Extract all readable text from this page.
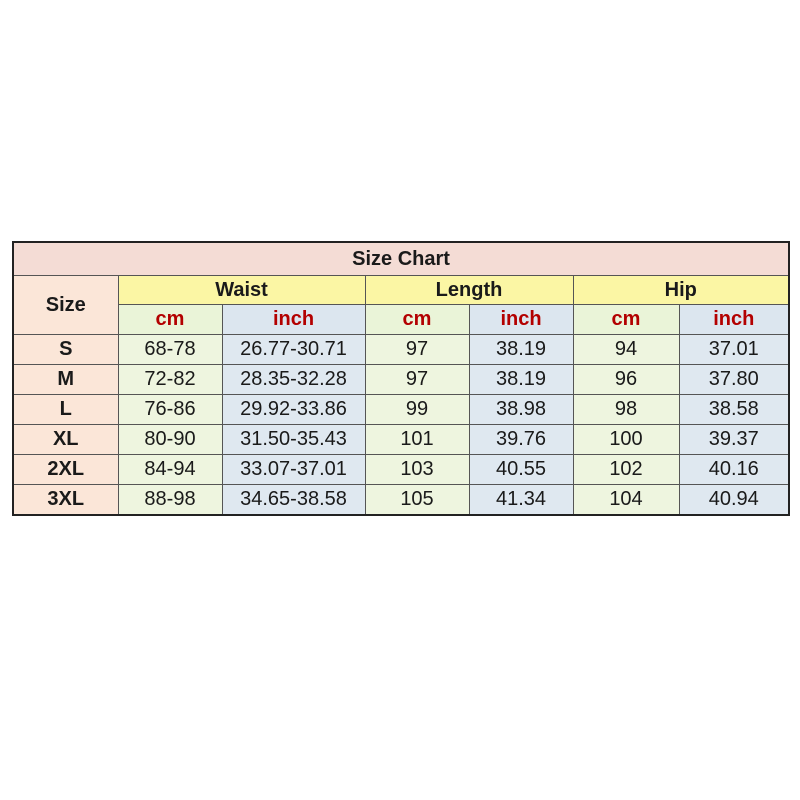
Size Chart						
Size	Waist		Length		Hip	
	cm	inch	cm	inch	cm	inch
S	68-78	26.77-30.71	97	38.19	94	37.01
M	72-82	28.35-32.28	97	38.19	96	37.80
L	76-86	29.92-33.86	99	38.98	98	38.58
XL	80-90	31.50-35.43	101	39.76	100	39.37
2XL	84-94	33.07-37.01	103	40.55	102	40.16
3XL	88-98	34.65-38.58	105	41.34	104	40.94
